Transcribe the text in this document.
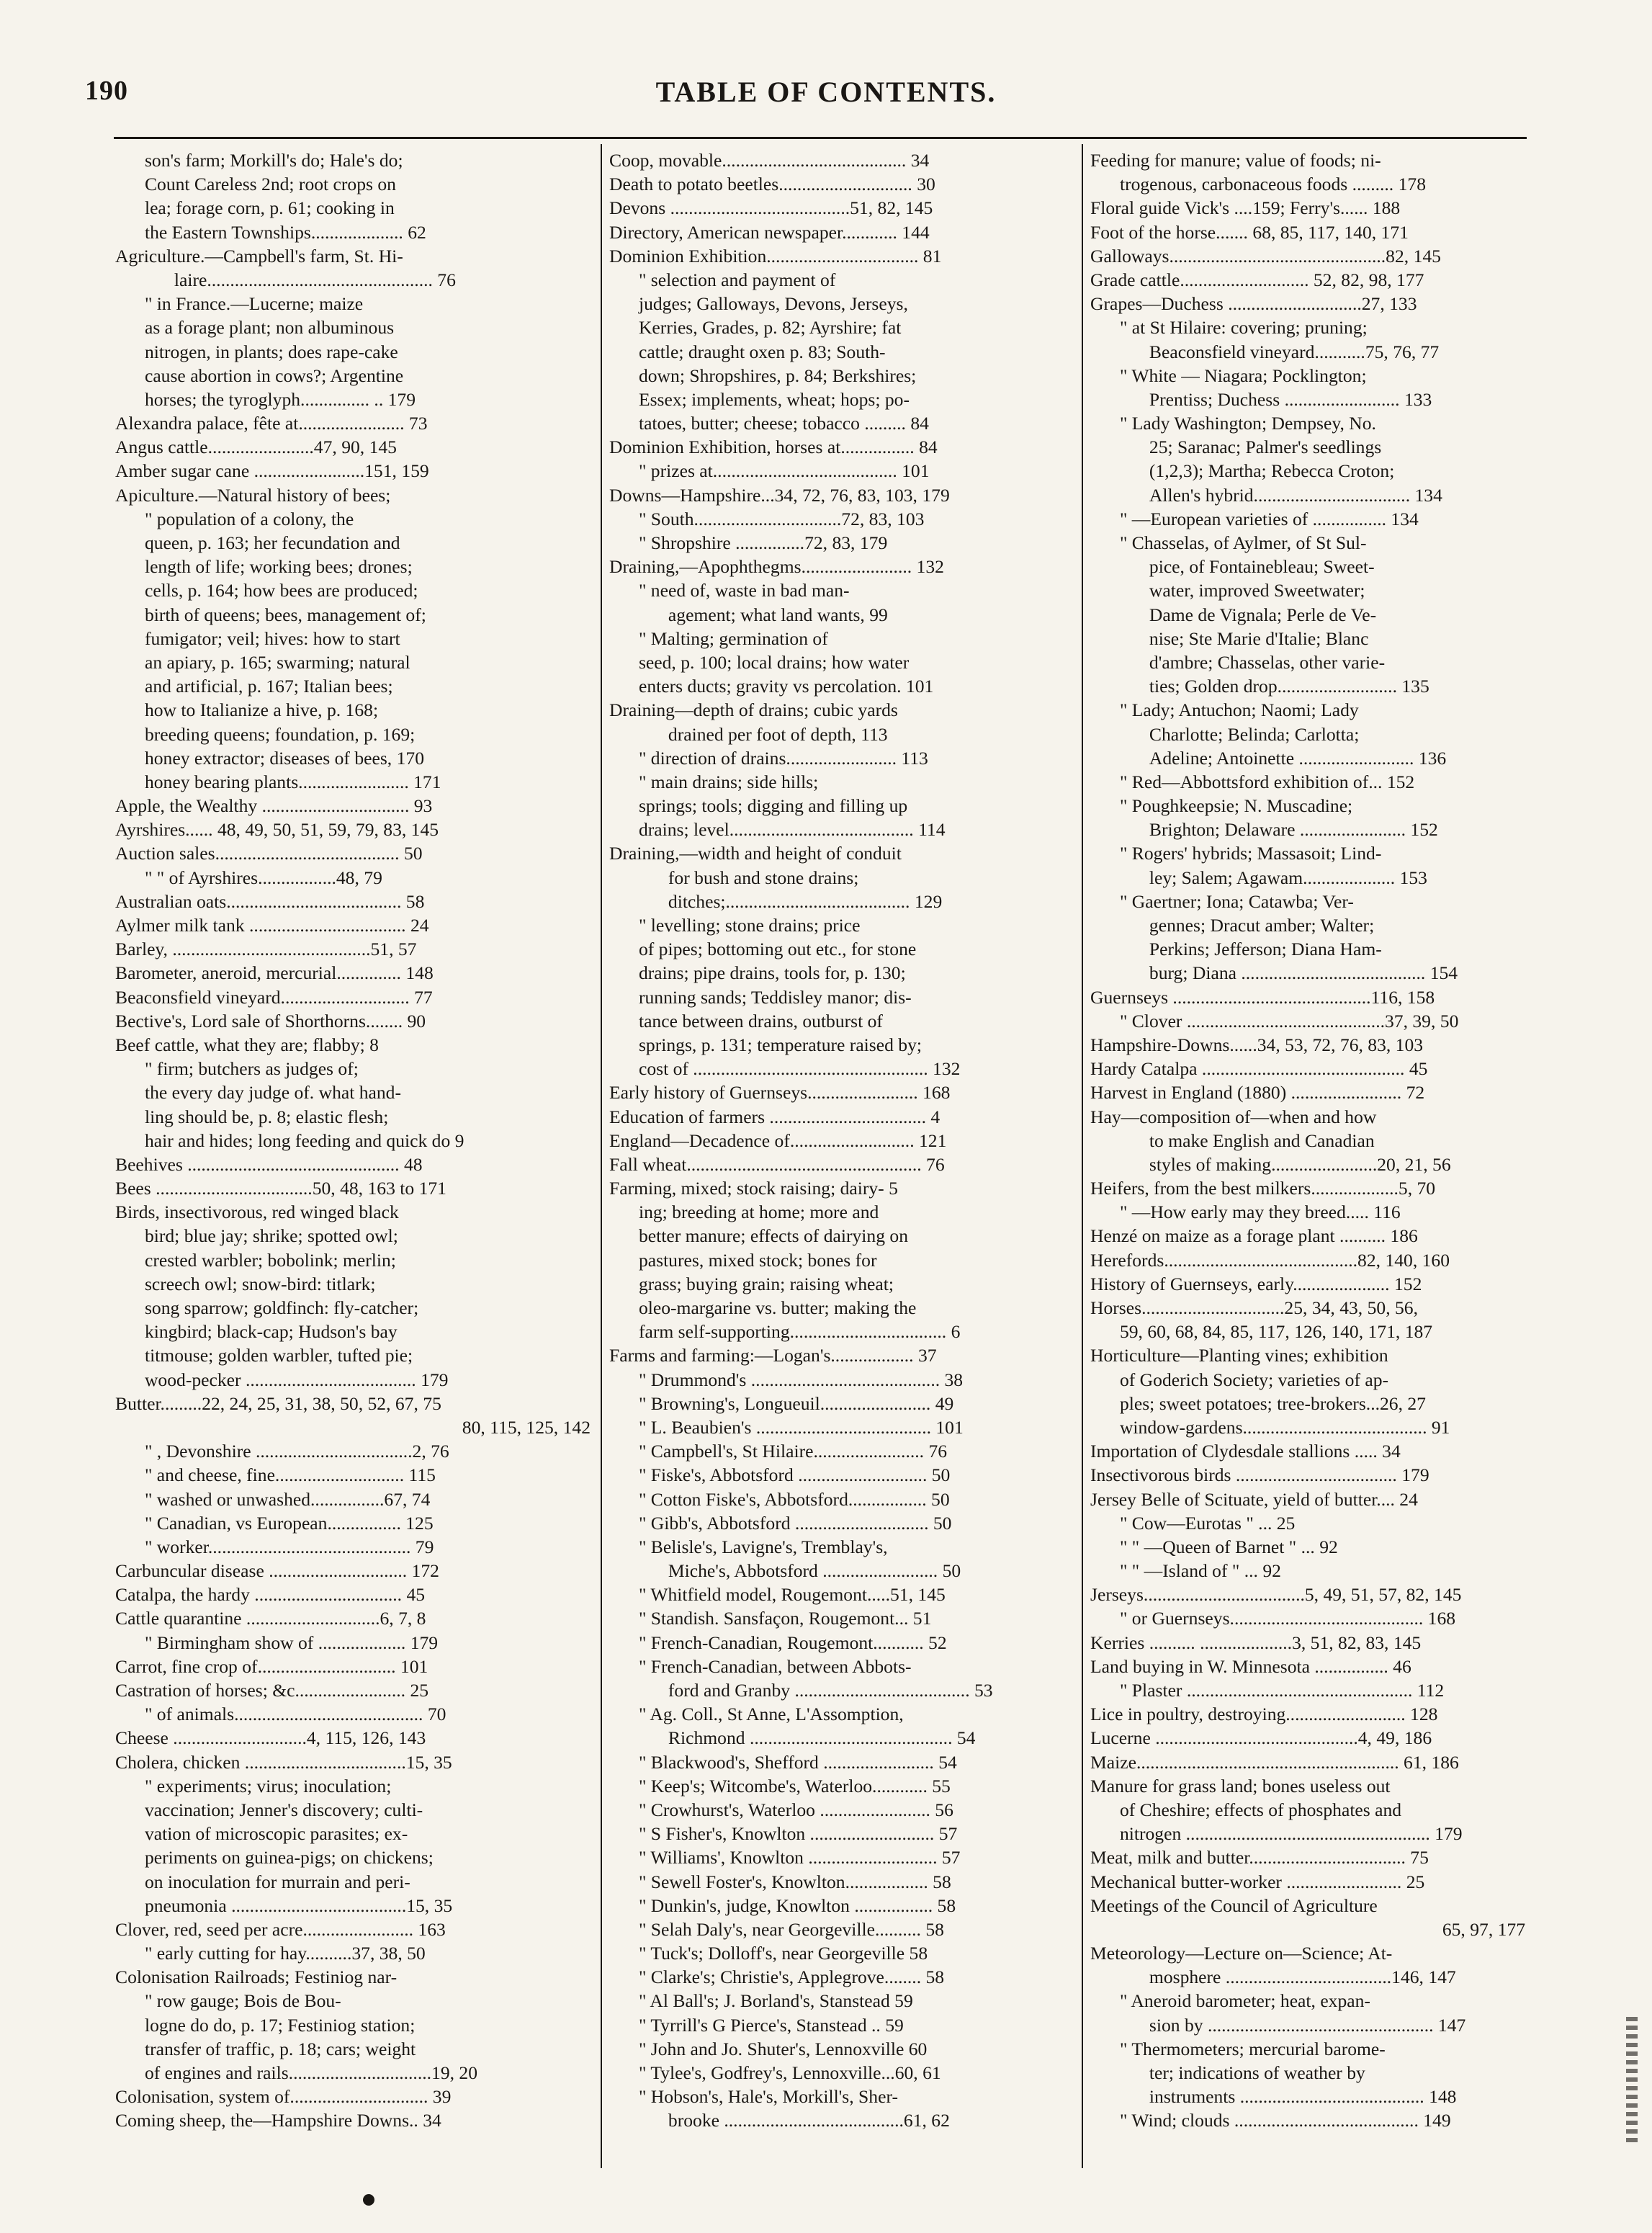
190	TABLE OF CONTENTS.
son's farm; Morkill's do; Hale's do;
Count Careless 2nd; root crops on
lea; forage corn, p. 61; cooking in
the Eastern Townships.................... 62
Agriculture.—Campbell's farm, St. Hi-
laire................................................. 76
" in France.—Lucerne; maize
as a forage plant; non albuminous
nitrogen, in plants; does rape-cake
cause abortion in cows?; Argentine
horses; the tyroglyph............... .. 179
Alexandra palace, fête at....................... 73
Angus cattle.......................47, 90, 145
Amber sugar cane ........................151, 159
Apiculture.—Natural history of bees;
" population of a colony, the
queen, p. 163; her fecundation and
length of life; working bees; drones;
cells, p. 164; how bees are produced;
birth of queens; bees, management of;
fumigator; veil; hives: how to start
an apiary, p. 165; swarming; natural
and artificial, p. 167; Italian bees;
how to Italianize a hive, p. 168;
breeding queens; foundation, p. 169;
honey extractor; diseases of bees, 170
honey bearing plants........................ 171
Apple, the Wealthy ................................ 93
Ayrshires...... 48, 49, 50, 51, 59, 79, 83, 145
Auction sales........................................ 50
" " of Ayrshires.................48, 79
Australian oats...................................... 58
Aylmer milk tank .................................. 24
Barley, ...........................................51, 57
Barometer, aneroid, mercurial.............. 148
Beaconsfield vineyard............................ 77
Bective's, Lord sale of Shorthorns........ 90
Beef cattle, what they are; flabby; 8
" firm; butchers as judges of;
the every day judge of. what hand-
ling should be, p. 8; elastic flesh;
hair and hides; long feeding and quick do 9
Beehives .............................................. 48
Bees ..................................50, 48, 163 to 171
Birds, insectivorous, red winged black
bird; blue jay; shrike; spotted owl;
crested warbler; bobolink; merlin;
screech owl; snow-bird: titlark;
song sparrow; goldfinch: fly-catcher;
kingbird; black-cap; Hudson's bay
titmouse; golden warbler, tufted pie;
wood-pecker ..................................... 179
Butter.........22, 24, 25, 31, 38, 50, 52, 67, 75
80, 115, 125, 142
" , Devonshire ..................................2, 76
" and cheese, fine............................ 115
" washed or unwashed................67, 74
" Canadian, vs European................ 125
" worker............................................ 79
Carbuncular disease .............................. 172
Catalpa, the hardy ................................ 45
Cattle quarantine .............................6, 7, 8
" Birmingham show of ................... 179
Carrot, fine crop of.............................. 101
Castration of horses; &c........................ 25
" of animals......................................... 70
Cheese .............................4, 115, 126, 143
Cholera, chicken ...................................15, 35
" experiments; virus; inoculation;
vaccination; Jenner's discovery; culti-
vation of microscopic parasites; ex-
periments on guinea-pigs; on chickens;
on inoculation for murrain and peri-
pneumonia ......................................15, 35
Clover, red, seed per acre........................ 163
" early cutting for hay..........37, 38, 50
Colonisation Railroads; Festiniog nar-
" row gauge; Bois de Bou-
logne do do, p. 17; Festiniog station;
transfer of traffic, p. 18; cars; weight
of engines and rails...............................19, 20
Colonisation, system of.............................. 39
Coming sheep, the—Hampshire Downs.. 34
Coop, movable........................................ 34
Death to potato beetles............................. 30
Devons .......................................51, 82, 145
Directory, American newspaper............ 144
Dominion Exhibition................................. 81
" selection and payment of
judges; Galloways, Devons, Jerseys,
Kerries, Grades, p. 82; Ayrshire; fat
cattle; draught oxen p. 83; South-
down; Shropshires, p. 84; Berkshires;
Essex; implements, wheat; hops; po-
tatoes, butter; cheese; tobacco ......... 84
Dominion Exhibition, horses at................ 84
" prizes at........................................ 101
Downs—Hampshire...34, 72, 76, 83, 103, 179
" South................................72, 83, 103
" Shropshire ...............72, 83, 179
Draining,—Apophthegms........................ 132
" need of, waste in bad man-
agement; what land wants, 99
" Malting; germination of
seed, p. 100; local drains; how water
enters ducts; gravity vs percolation. 101
Draining—depth of drains; cubic yards
drained per foot of depth, 113
" direction of drains........................ 113
" main drains; side hills;
springs; tools; digging and filling up
drains; level........................................ 114
Draining,—width and height of conduit
for bush and stone drains;
ditches;........................................ 129
" levelling; stone drains; price
of pipes; bottoming out etc., for stone
drains; pipe drains, tools for, p. 130;
running sands; Teddisley manor; dis-
tance between drains, outburst of
springs, p. 131; temperature raised by;
cost of ................................................... 132
Early history of Guernseys........................ 168
Education of farmers .................................. 4
England—Decadence of........................... 121
Fall wheat................................................... 76
Farming, mixed; stock raising; dairy- 5
ing; breeding at home; more and
better manure; effects of dairying on
pastures, mixed stock; bones for
grass; buying grain; raising wheat;
oleo-margarine vs. butter; making the
farm self-supporting.................................. 6
Farms and farming:—Logan's.................. 37
" Drummond's ......................................... 38
" Browning's, Longueuil........................ 49
" L. Beaubien's ...................................... 101
" Campbell's, St Hilaire........................ 76
" Fiske's, Abbotsford ............................ 50
" Cotton Fiske's, Abbotsford................. 50
" Gibb's, Abbotsford ............................. 50
" Belisle's, Lavigne's, Tremblay's,
Miche's, Abbotsford ......................... 50
" Whitfield model, Rougemont.....51, 145
" Standish. Sansfaçon, Rougemont... 51
" French-Canadian, Rougemont........... 52
" French-Canadian, between Abbots-
ford and Granby ...................................... 53
" Ag. Coll., St Anne, L'Assomption,
Richmond ............................................ 54
" Blackwood's, Shefford ........................ 54
" Keep's; Witcombe's, Waterloo............ 55
" Crowhurst's, Waterloo ........................ 56
" S Fisher's, Knowlton ........................... 57
" Williams', Knowlton ............................ 57
" Sewell Foster's, Knowlton.................. 58
" Dunkin's, judge, Knowlton ................. 58
" Selah Daly's, near Georgeville.......... 58
" Tuck's; Dolloff's, near Georgeville 58
" Clarke's; Christie's, Applegrove........ 58
" Al Ball's; J. Borland's, Stanstead 59
" Tyrrill's G Pierce's, Stanstead .. 59
" John and Jo. Shuter's, Lennoxville 60
" Tylee's, Godfrey's, Lennoxville...60, 61
" Hobson's, Hale's, Morkill's, Sher-
brooke .......................................61, 62
Feeding for manure; value of foods; ni-
trogenous, carbonaceous foods ......... 178
Floral guide Vick's ....159; Ferry's...... 188
Foot of the horse....... 68, 85, 117, 140, 171
Galloways...............................................82, 145
Grade cattle............................ 52, 82, 98, 177
Grapes—Duchess .............................27, 133
" at St Hilaire: covering; pruning;
Beaconsfield vineyard...........75, 76, 77
" White — Niagara; Pocklington;
Prentiss; Duchess ......................... 133
" Lady Washington; Dempsey, No.
25; Saranac; Palmer's seedlings
(1,2,3); Martha; Rebecca Croton;
Allen's hybrid.................................. 134
" —European varieties of ................ 134
" Chasselas, of Aylmer, of St Sul-
pice, of Fontainebleau; Sweet-
water, improved Sweetwater;
Dame de Vignala; Perle de Ve-
nise; Ste Marie d'Italie; Blanc
d'ambre; Chasselas, other varie-
ties; Golden drop.......................... 135
" Lady; Antuchon; Naomi; Lady
Charlotte; Belinda; Carlotta;
Adeline; Antoinette ......................... 136
" Red—Abbottsford exhibition of... 152
" Poughkeepsie; N. Muscadine;
Brighton; Delaware ....................... 152
" Rogers' hybrids; Massasoit; Lind-
ley; Salem; Agawam.................... 153
" Gaertner; Iona; Catawba; Ver-
gennes; Dracut amber; Walter;
Perkins; Jefferson; Diana Ham-
burg; Diana ........................................ 154
Guernseys ...........................................116, 158
" Clover ...........................................37, 39, 50
Hampshire-Downs......34, 53, 72, 76, 83, 103
Hardy Catalpa ............................................ 45
Harvest in England (1880) ........................ 72
Hay—composition of—when and how
to make English and Canadian
styles of making.......................20, 21, 56
Heifers, from the best milkers...................5, 70
" —How early may they breed..... 116
Henzé on maize as a forage plant .......... 186
Herefords..........................................82, 140, 160
History of Guernseys, early..................... 152
Horses...............................25, 34, 43, 50, 56,
59, 60, 68, 84, 85, 117, 126, 140, 171, 187
Horticulture—Planting vines; exhibition
of Goderich Society; varieties of ap-
ples; sweet potatoes; tree-brokers...26, 27
window-gardens........................................ 91
Importation of Clydesdale stallions ..... 34
Insectivorous birds ................................... 179
Jersey Belle of Scituate, yield of butter.... 24
" Cow—Eurotas " ... 25
" " —Queen of Barnet " ... 92
" " —Island of " ... 92
Jerseys...................................5, 49, 51, 57, 82, 145
" or Guernseys.......................................... 168
Kerries .......... ....................3, 51, 82, 83, 145
Land buying in W. Minnesota ................ 46
" Plaster ................................................. 112
Lice in poultry, destroying.......................... 128
Lucerne ............................................4, 49, 186
Maize......................................................... 61, 186
Manure for grass land; bones useless out
of Cheshire; effects of phosphates and
nitrogen ..................................................... 179
Meat, milk and butter.................................. 75
Mechanical butter-worker ......................... 25
Meetings of the Council of Agriculture
65, 97, 177
Meteorology—Lecture on—Science; At-
mosphere ....................................146, 147
" Aneroid barometer; heat, expan-
sion by ................................................. 147
" Thermometers; mercurial barome-
ter; indications of weather by
instruments ........................................ 148
" Wind; clouds ........................................ 149
